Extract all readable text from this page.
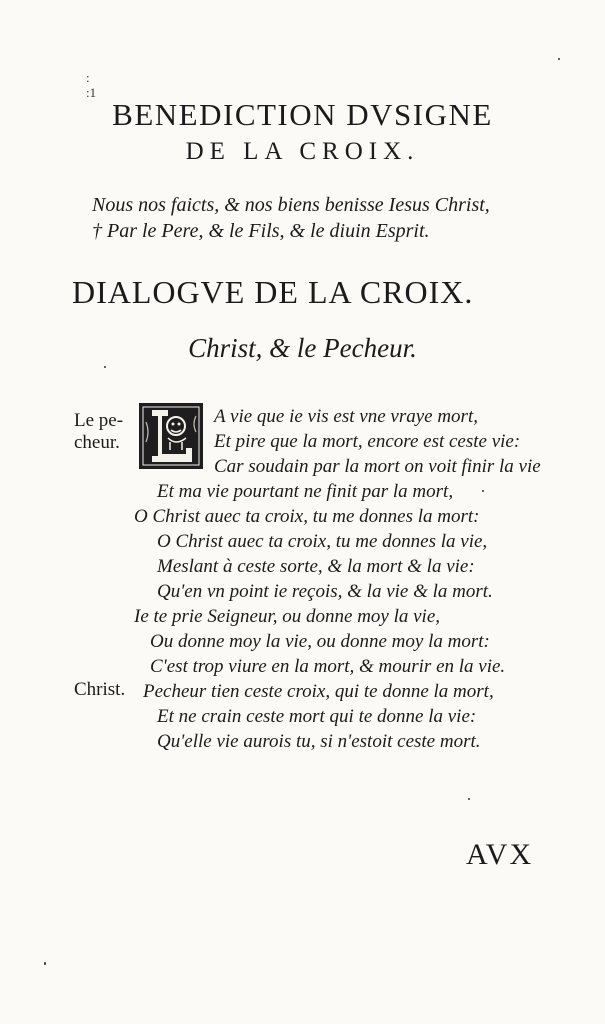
:
:1
BENEDICTION DVSIGNE
DE LA CROIX.
Nous nos faicts, & nos biens benisse Iesus Christ,
† Par le Pere, & le Fils, & le diuin Esprit.
DIALOGVE DE LA CROIX.
Christ, & le Pecheur.
Le pe-
cheur.
Christ.
A vie que ie vis est vne vraye mort,
Et pire que la mort, encore est ceste vie:
Car soudain par la mort on voit finir la vie
Et ma vie pourtant ne finit par la mort,
O Christ auec ta croix, tu me donnes la mort:
O Christ auec ta croix, tu me donnes la vie,
Meslant à ceste sorte, & la mort & la vie:
Qu'en vn point ie reçois, & la vie & la mort.
Ie te prie Seigneur, ou donne moy la vie,
Ou donne moy la vie, ou donne moy la mort:
C'est trop viure en la mort, & mourir en la vie.
Pecheur tien ceste croix, qui te donne la mort,
Et ne crain ceste mort qui te donne la vie:
Qu'elle vie aurois tu, si n'estoit ceste mort.
AVX
